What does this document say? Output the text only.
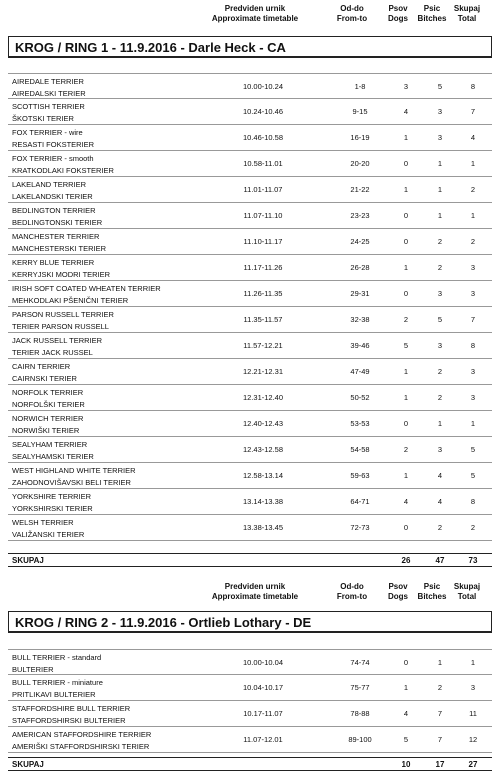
Predviden urnik
Approximate timetable
Od-do
From-to
Psov
Dogs
Psic
Bitches
Skupaj
Total
KROG / RING 1 - 11.9.2016 - Darle Heck - CA
AIREDALE TERRIER
AIREDALSKI TERIER
10.00-10.24	1-8	3	5	8
SCOTTISH TERRIER
ŠKOTSKI TERIER
10.24-10.46	9-15	4	3	7
FOX TERRIER - wire
RESASTI FOKSTERIER
10.46-10.58	16-19	1	3	4
FOX TERRIER - smooth
KRATKODLAKI FOKSTERIER
10.58-11.01	20-20	0	1	1
LAKELAND TERRIER
LAKELANDSKI TERIER
11.01-11.07	21-22	1	1	2
BEDLINGTON TERRIER
BEDLINGTONSKI TERIER
11.07-11.10	23-23	0	1	1
MANCHESTER TERRIER
MANCHESTERSKI TERIER
11.10-11.17	24-25	0	2	2
KERRY BLUE TERRIER
KERRYJSKI MODRI TERIER
11.17-11.26	26-28	1	2	3
IRISH SOFT COATED WHEATEN TERRIER
MEHKODLAKI PŠENIČNI TERIER
11.26-11.35	29-31	0	3	3
PARSON RUSSELL TERRIER
TERIER PARSON RUSSELL
11.35-11.57	32-38	2	5	7
JACK RUSSELL TERRIER
TERIER JACK RUSSEL
11.57-12.21	39-46	5	3	8
CAIRN TERRIER
CAIRNSKI TERIER
12.21-12.31	47-49	1	2	3
NORFOLK TERRIER
NORFOLŠKI TERIER
12.31-12.40	50-52	1	2	3
NORWICH TERRIER
NORWIŠKI TERIER
12.40-12.43	53-53	0	1	1
SEALYHAM TERRIER
SEALYHAMSKI TERIER
12.43-12.58	54-58	2	3	5
WEST HIGHLAND WHITE TERRIER
ZAHODNOVIŠAVSKI BELI TERIER
12.58-13.14	59-63	1	4	5
YORKSHIRE TERRIER
YORKSHIRSKI TERIER
13.14-13.38	64-71	4	4	8
WELSH TERRIER
VALIŽANSKI TERIER
13.38-13.45	72-73	0	2	2
SKUPAJ	26	47	73
Predviden urnik
Approximate timetable
Od-do
From-to
Psov
Dogs
Psic
Bitches
Skupaj
Total
KROG / RING 2 - 11.9.2016 - Ortlieb Lothary - DE
BULL TERRIER - standard
BULTERIER
10.00-10.04	74-74	0	1	1
BULL TERRIER - miniature
PRITLIKAVI BULTERIER
10.04-10.17	75-77	1	2	3
STAFFORDSHIRE BULL TERRIER
STAFFORDSHIRSKI BULTERIER
10.17-11.07	78-88	4	7	11
AMERICAN STAFFORDSHIRE TERRIER
AMERIŠKI STAFFORDSHIRSKI TERIER
11.07-12.01	89-100	5	7	12
SKUPAJ	10	17	27
